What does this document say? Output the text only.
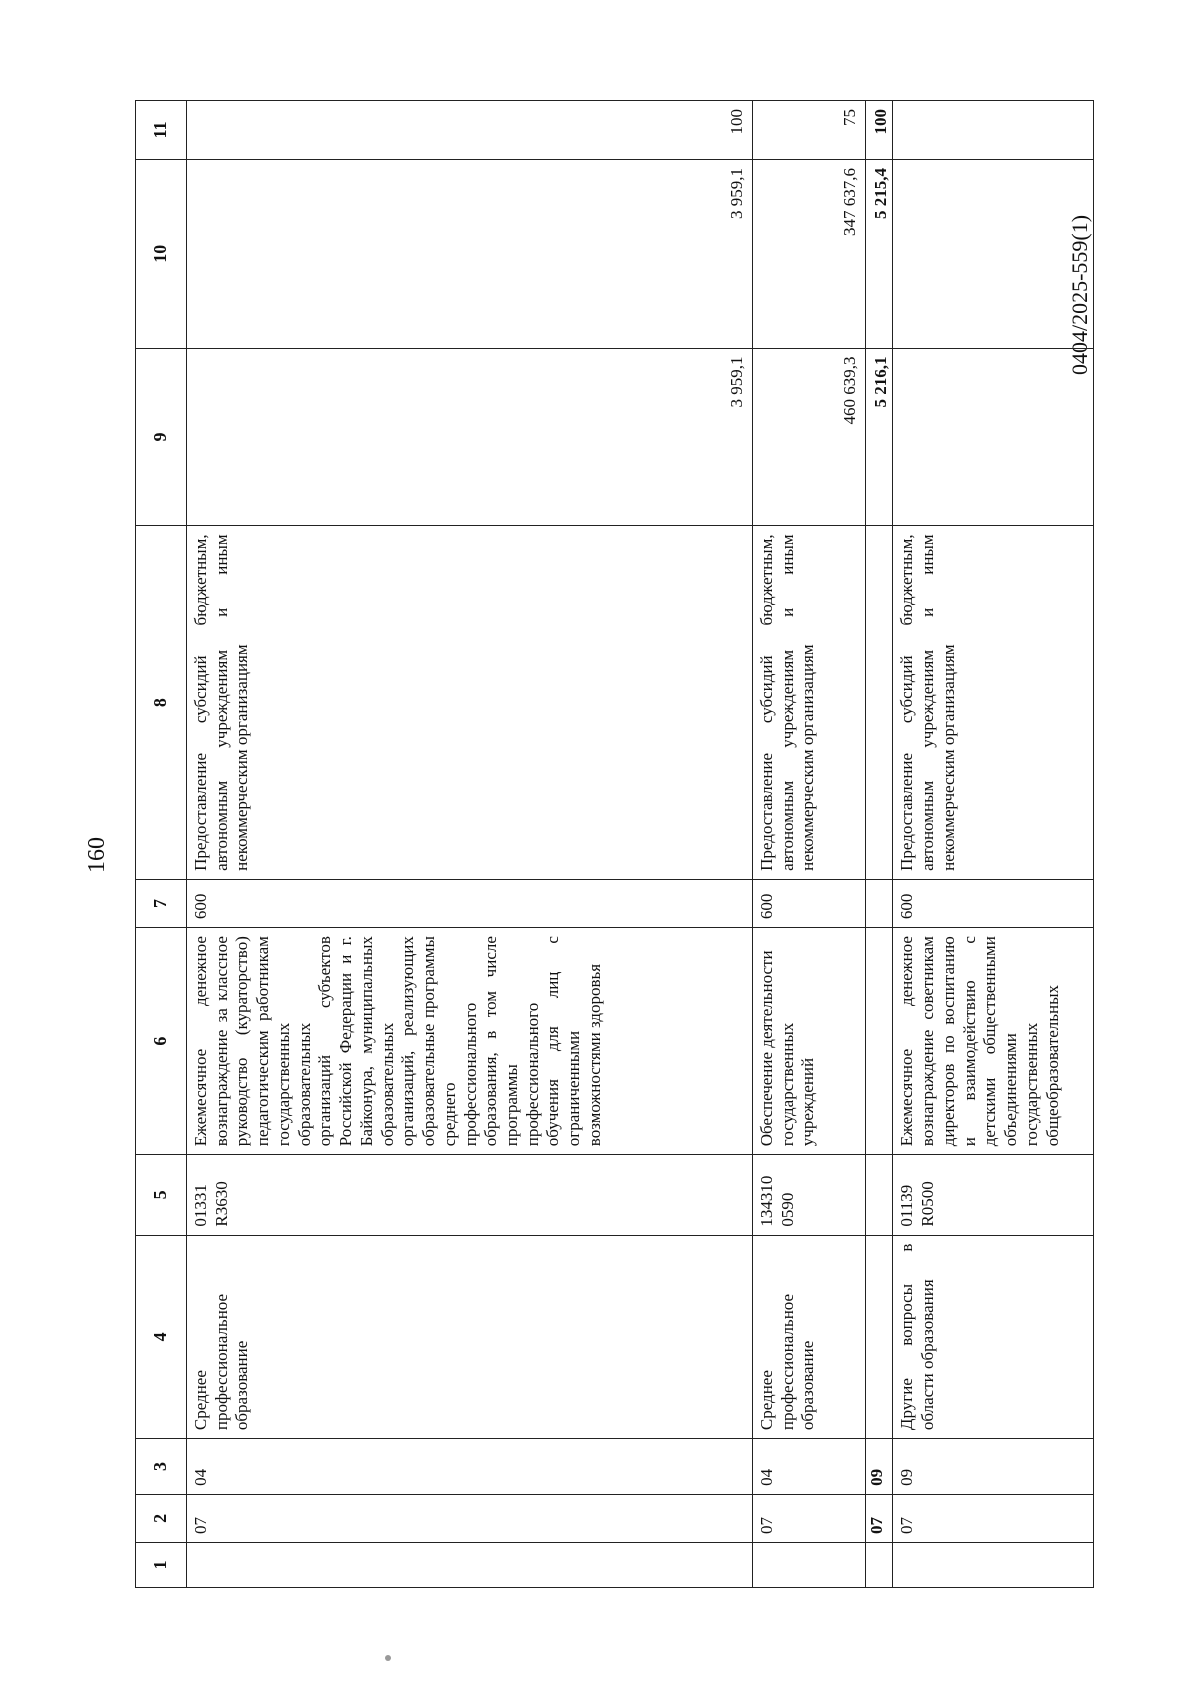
160
0404/2025-559(1)
1	2	3	4	5	6	7	8	9	10	11
	07	04	Среднее профессиональное образование	01331 R3630	Ежемесячное денежное вознаграждение за классное руководство (кураторство) педагогическим работникам государственных образовательных организаций субъектов Российской Федерации и г. Байконура, муниципальных образовательных организаций, реализующих образовательные программы среднего профессионального образования, в том числе программы профессионального обучения для лиц с ограниченными возможностями здоровья	600	Предоставление субсидий бюджетным, автономным учреждениям и иным некоммерческим организациям	3 959,1	3 959,1	100
	07	04	Среднее профессиональное образование	134310 0590	Обеспечение деятельности государственных учреждений	600	Предоставление субсидий бюджетным, автономным учреждениям и иным некоммерческим организациям	460 639,3	347 637,6	75
	07	09						5 216,1	5 215,4	100
	07	09	Другие вопросы в области образования	01139 R0500	Ежемесячное денежное вознаграждение советникам директоров по воспитанию и взаимодействию с детскими общественными объединениями государственных общеобразовательных	600	Предоставление субсидий бюджетным, автономным учреждениям и иным некоммерческим организациям			
